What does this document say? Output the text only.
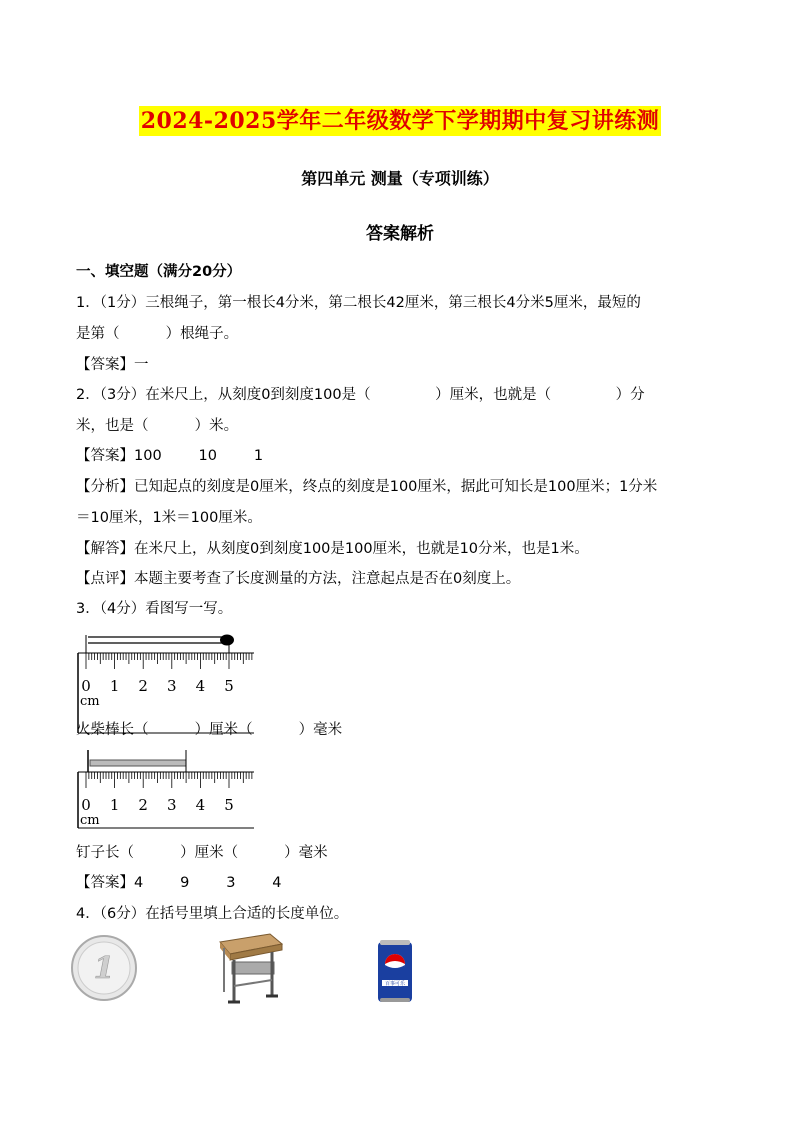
2024-2025学年二年级数学下学期期中复习讲练测
第四单元 测量（专项训练）
答案解析
一、填空题（满分20分）
1．（1分）三根绳子，第一根长4分米，第二根长42厘米，第三根长4分米5厘米，最短的
是第（          ）根绳子。
【答案】一
2．（3分）在米尺上，从刻度0到刻度100是（              ）厘米，也就是（              ）分
米，也是（          ）米。
【答案】100        10        1
【分析】已知起点的刻度是0厘米，终点的刻度是100厘米，据此可知长是100厘米；1分米
＝10厘米，1米＝100厘米。
【解答】在米尺上，从刻度0到刻度100是100厘米，也就是10分米，也是1米。
【点评】本题主要考查了长度测量的方法，注意起点是否在0刻度上。
3．（4分）看图写一写。
0 1 2 3 4 5
cm
火柴棒长（          ）厘米（          ）毫米
0 1 2 3 4 5
cm
钉子长（          ）厘米（          ）毫米
【答案】4        9        3        4
4．（6分）在括号里填上合适的长度单位。
1	百事可乐
